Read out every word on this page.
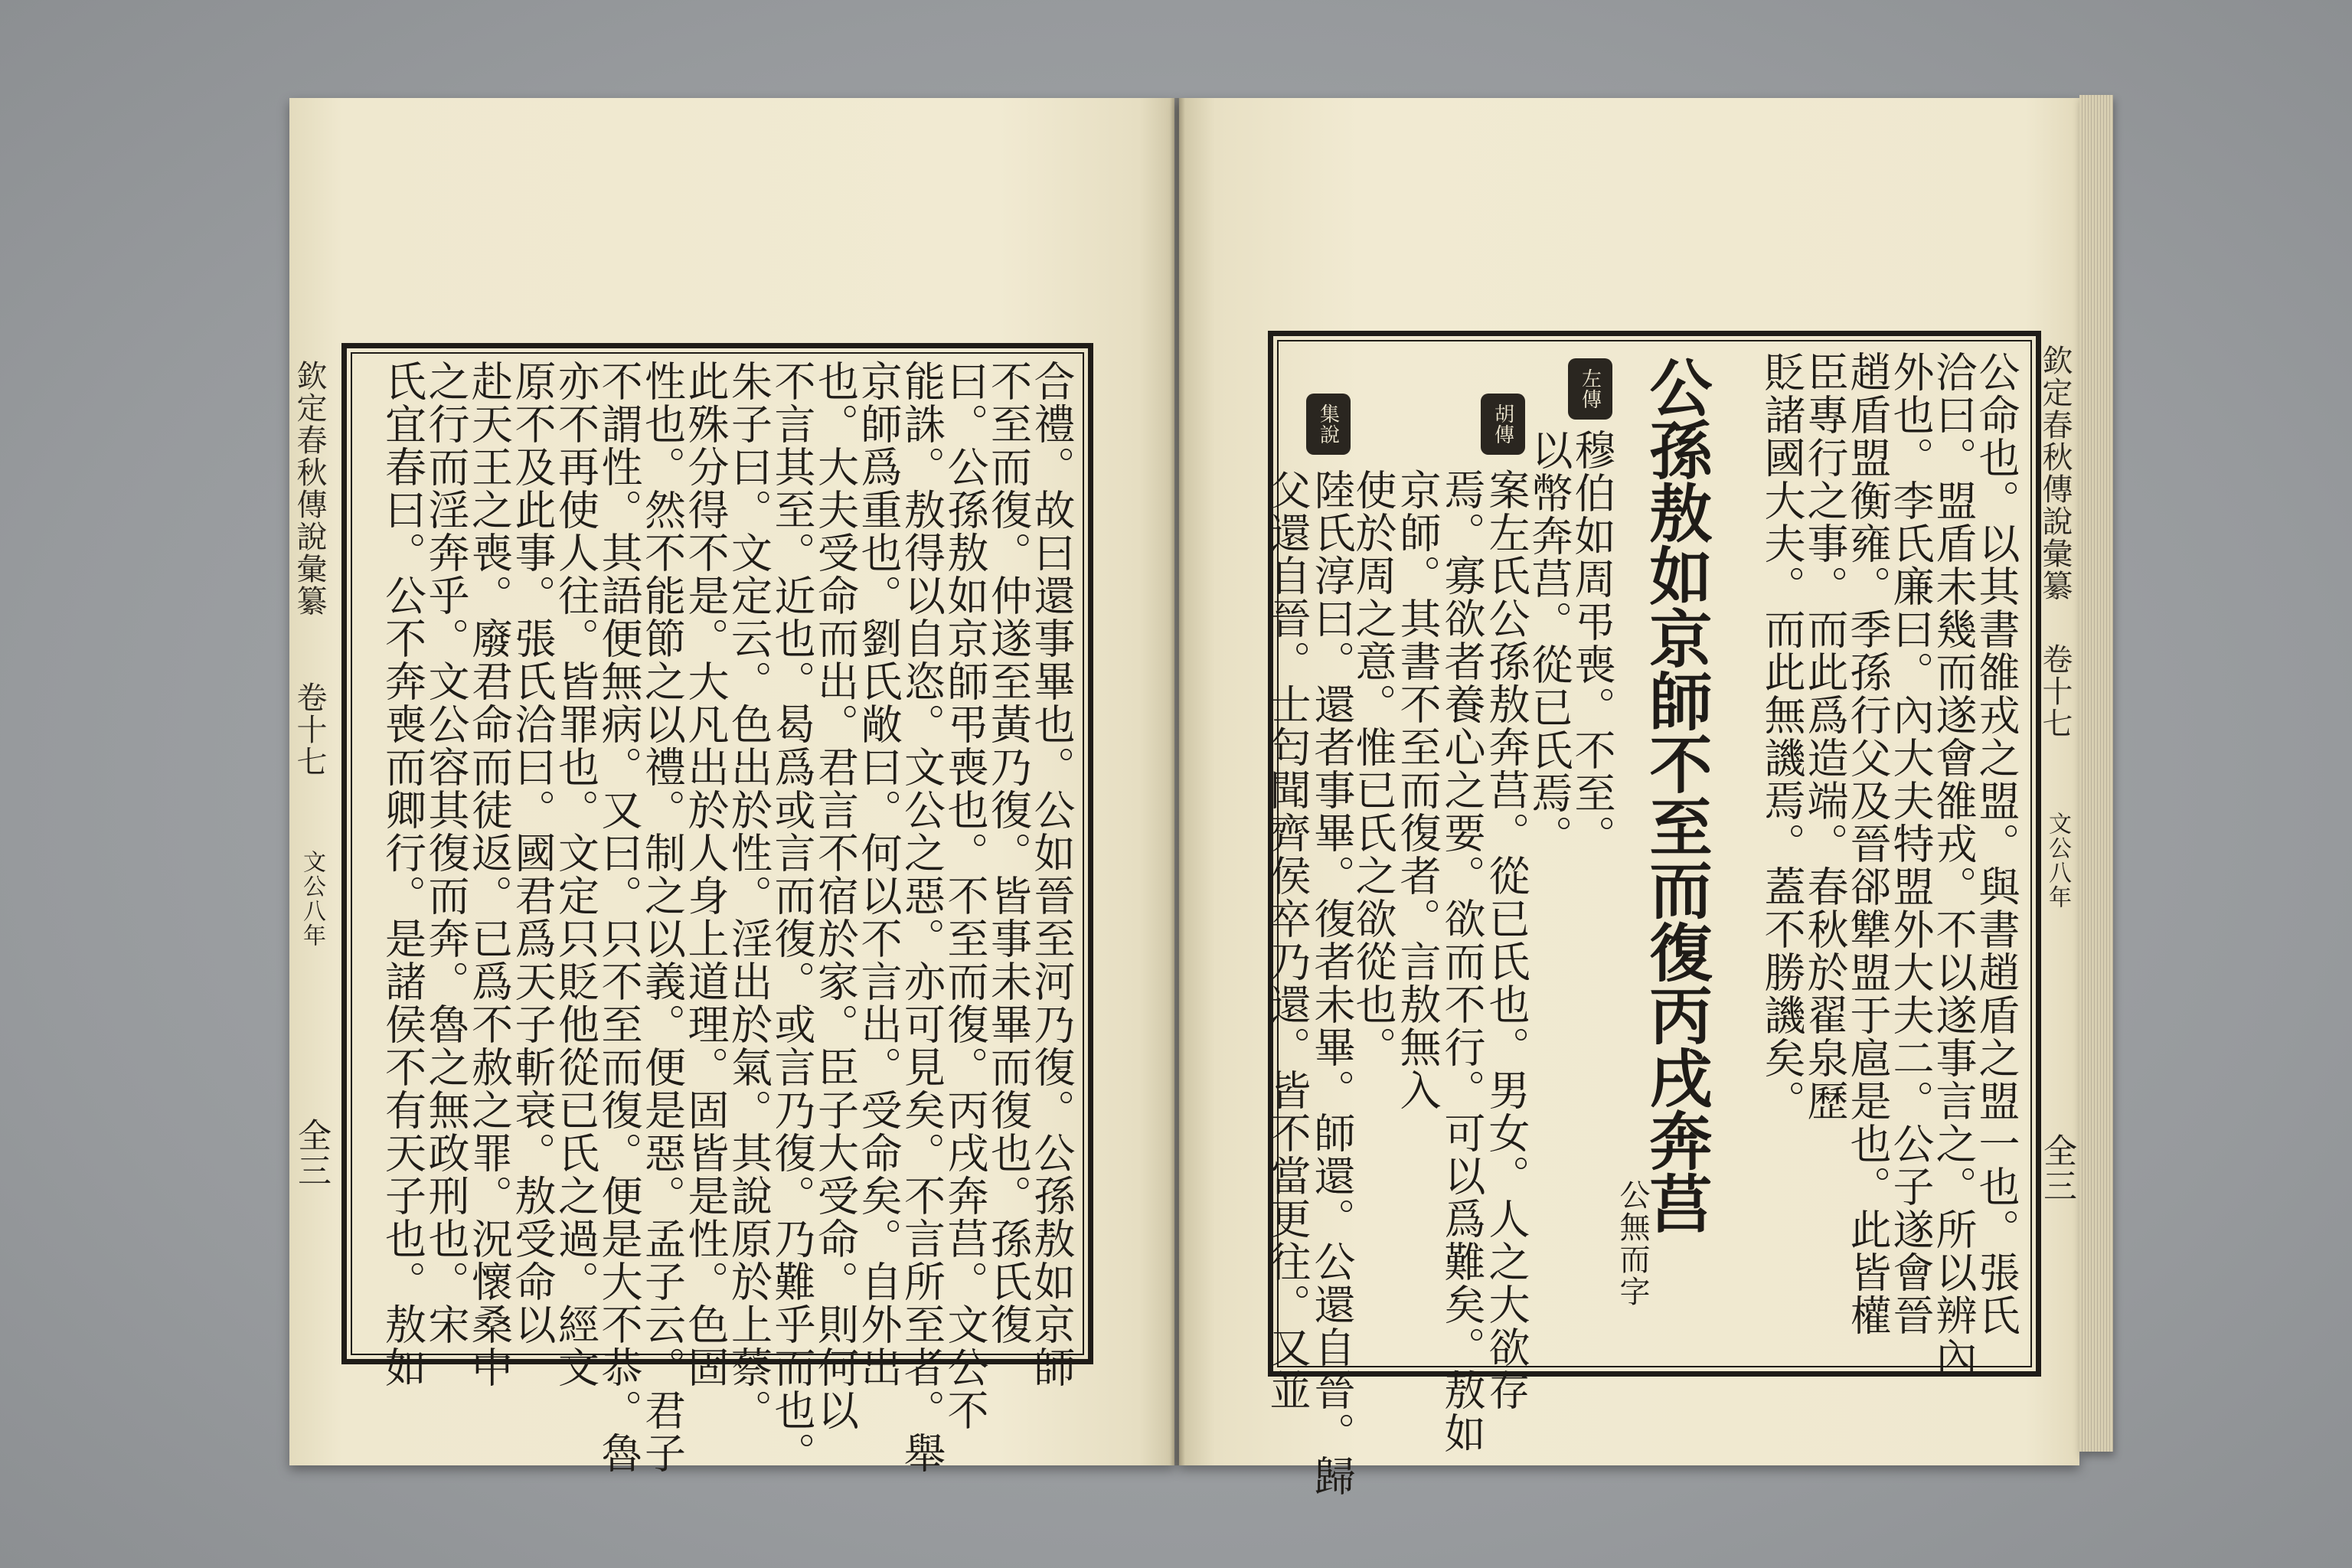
欽定春秋傳說彙纂
卷十七
文公八年
全三	合禮。故曰還事畢也。公如晉至河乃復。公孫敖如京師
不至而復。仲遂至黃乃復。皆事未畢而復也。孫氏復
曰。公孫敖如京師弔喪也。不至而復。丙戌奔莒。文公不
能誅。敖得以自恣。文公之惡。亦可見矣。不言所至者。舉
京師爲重也。劉氏敞曰。何以不言出。受命矣。自外出
也。大夫受命而出。君言不宿於家。臣子大受命。則何以
不言其至。近也。曷爲或言而復。或言乃復。乃難乎而也。
朱子曰。文定云。色出於性。淫出於氣。其說原於上蔡。
此殊分得不是。大凡出於人身上道理。固皆是性。色固
性也。然不能節之以禮。制之以義。便是惡。孟子云。君子
不謂性。其語便無病。又曰。只不至而復。便是大不恭。魯
亦不再使人往。皆罪也。文定只貶他從已氏之過。經文
原不及此事。張氏洽曰。國君爲天子斬衰。敖受命以
赴天王之喪。廢君命而徒返。已爲不赦之罪。況懷桑中
之行而淫奔乎。文公容其復而奔。魯之無政刑也。宋
氏宜春曰。公不奔喪而卿行。是諸侯不有天子也。敖如	欽定春秋傳說彙纂
卷十七
文公八年
全三
公命也。以其書雒戎之盟。與書趙盾之盟一也。張氏
洽曰。盟盾未幾而遂會雒戎。不以遂事言之。所以辨內
外也。李氏廉曰。內大夫特盟外大夫二。公子遂會晉
趙盾盟衡雍。季孫行父及晉郤犨盟于扈是也。此皆權
臣專行之事。而此爲造端。春秋於翟泉歷
貶諸國大夫。而此無譏焉。蓋不勝譏矣。
公孫敖如京師不至而復丙戌奔莒
公無而字
左傳
胡傳
集說
穆伯如周弔喪。不至。
以幣奔莒。從已氏焉。
案左氏公孫敖奔莒。從已氏也。男女。人之大欲存
焉。寡欲者養心之要。欲而不行。可以爲難矣。敖如
京師。其書不至而復者。言敖無入
使於周之意。惟已氏之欲從也。
陸氏淳曰。還者事畢。復者未畢。師還。公還自晉。歸
父還自晉。士匄聞齊侯卒乃還。皆不當更往。又並
